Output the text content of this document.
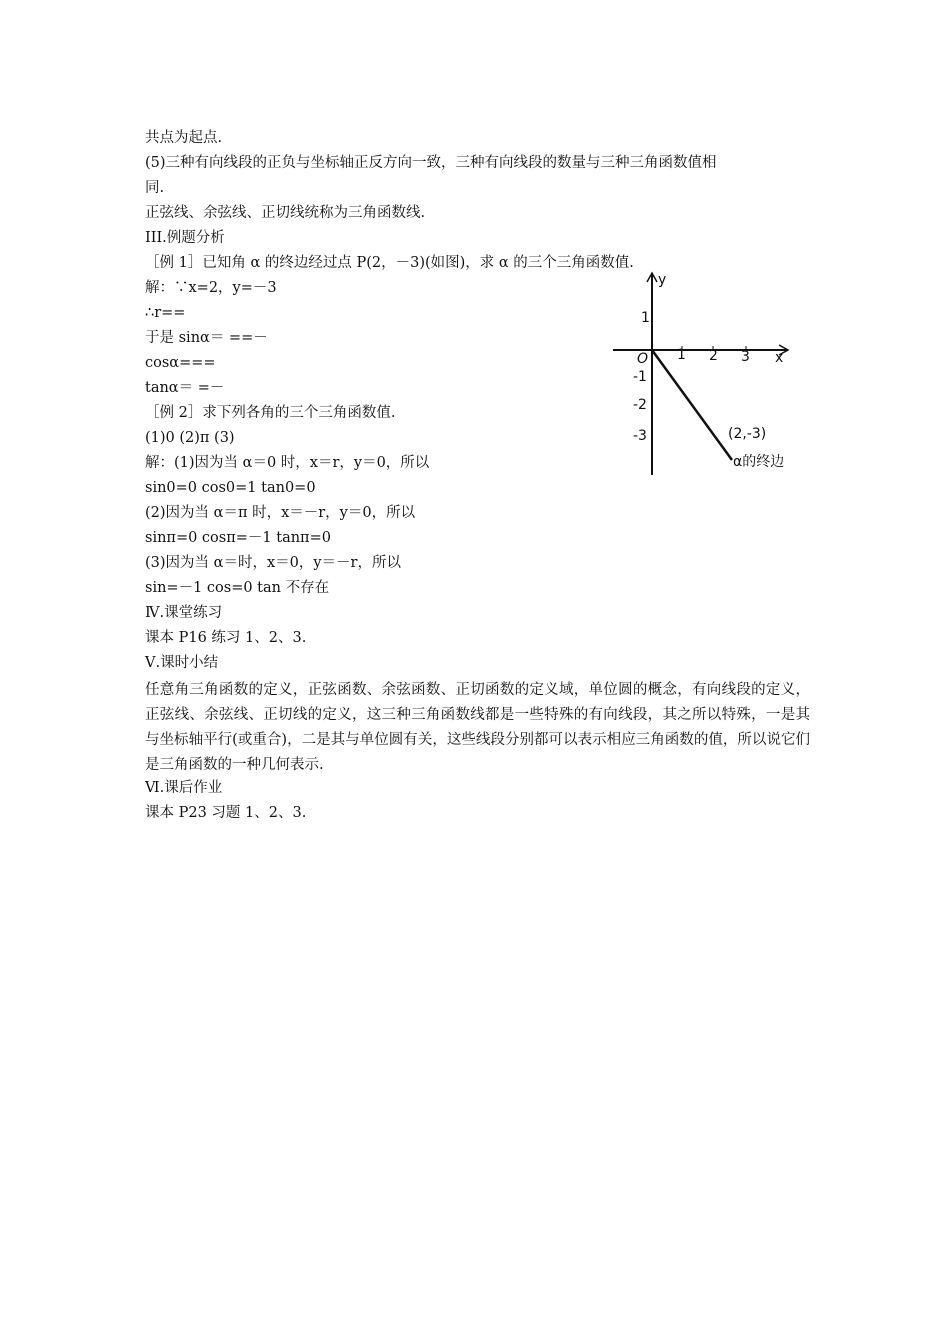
共点为起点.
(5)三种有向线段的正负与坐标轴正反方向一致，三种有向线段的数量与三种三角函数值相
同.
正弦线、余弦线、正切线统称为三角函数线.
III.例题分析
［例 1］已知角 α 的终边经过点 P(2，－3)(如图)，求 α 的三个三角函数值.
解：∵x=2，y=－3
∴r==
于是 sinα＝ ==－
cosα===
tanα＝ =－
［例 2］求下列各角的三个三角函数值.
(1)0 (2)π (3)
解：(1)因为当 α＝0 时，x＝r，y＝0，所以
sin0=0 cos0=1 tan0=0
(2)因为当 α＝π 时，x＝－r，y＝0，所以
sinπ=0 cosπ=－1 tanπ=0
(3)因为当 α＝时，x＝0，y＝－r，所以
sin=－1 cos=0 tan 不存在
Ⅳ.课堂练习
课本 P16 练习 1、2、3.
Ⅴ.课时小结
任意角三角函数的定义，正弦函数、余弦函数、正切函数的定义域，单位圆的概念，有向线段的定义，正弦线、余弦线、正切线的定义，这三种三角函数线都是一些特殊的有向线段，其之所以特殊，一是其与坐标轴平行(或重合)，二是其与单位圆有关，这些线段分别都可以表示相应三角函数的值，所以说它们是三角函数的一种几何表示.
Ⅵ.课后作业
课本 P23 习题 1、2、3.
y
x
O 1 2 3
1
-1
-2
-3	(2,-3)
α的终边
